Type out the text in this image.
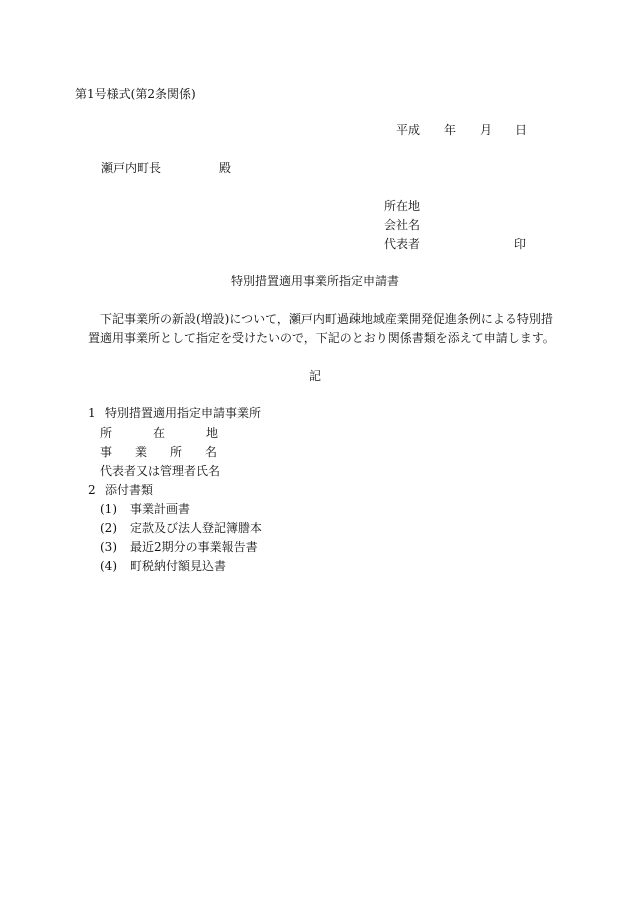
第1号様式(第2条関係)
平成 年 月 日
瀬戸内町長	殿
所在地
会社名
代表者	印
特別措置適用事業所指定申請書
下記事業所の新設(増設)について，瀬戸内町過疎地域産業開発促進条例による特別措置適用事業所として指定を受けたいので，下記のとおり関係書類を添えて申請します。
記
1 特別措置適用指定申請事業所
所	在	地
事 業 所 名
代表者又は管理者氏名
2 添付書類
(1) 事業計画書
(2) 定款及び法人登記簿謄本
(3) 最近2期分の事業報告書
(4) 町税納付額見込書
